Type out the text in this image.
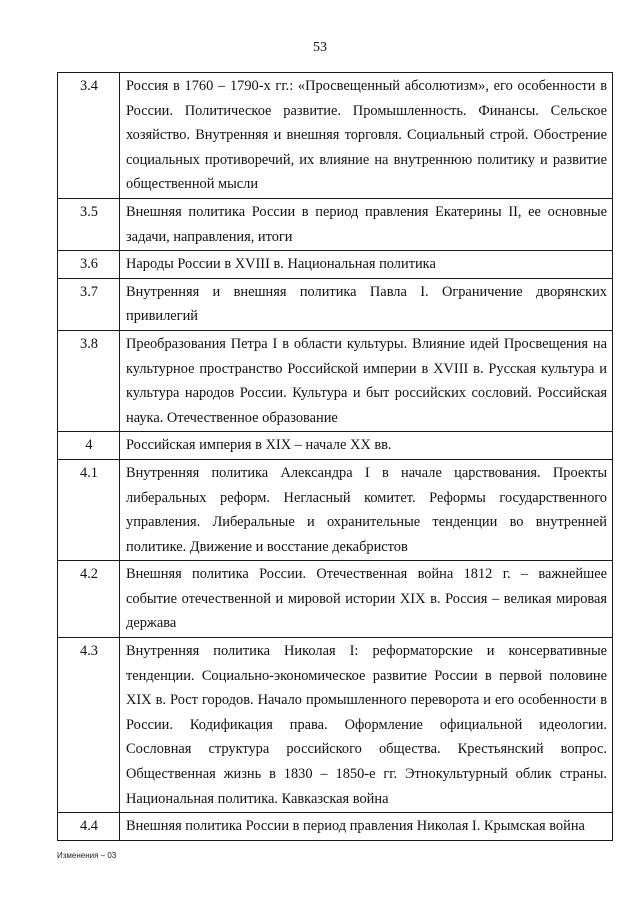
53
3.4	Россия в 1760 – 1790-х гг.: «Просвещенный абсолютизм», его особенности в России. Политическое развитие. Промышленность. Финансы. Сельское хозяйство. Внутренняя и внешняя торговля. Социальный строй. Обострение социальных противоречий, их влияние на внутреннюю политику и развитие общественной мысли
3.5	Внешняя политика России в период правления Екатерины II, ее основные задачи, направления, итоги
3.6	Народы России в XVIII в. Национальная политика
3.7	Внутренняя и внешняя политика Павла I. Ограничение дворянских привилегий
3.8	Преобразования Петра I в области культуры. Влияние идей Просвещения на культурное пространство Российской империи в XVIII в. Русская культура и культура народов России. Культура и быт российских сословий. Российская наука. Отечественное образование
4	Российская империя в XIX – начале XX вв.
4.1	Внутренняя политика Александра I в начале царствования. Проекты либеральных реформ. Негласный комитет. Реформы государственного управления. Либеральные и охранительные тенденции во внутренней политике. Движение и восстание декабристов
4.2	Внешняя политика России. Отечественная война 1812 г. – важнейшее событие отечественной и мировой истории XIX в. Россия – великая мировая держава
4.3	Внутренняя политика Николая I: реформаторские и консервативные тенденции. Социально-экономическое развитие России в первой половине XIX в. Рост городов. Начало промышленного переворота и его особенности в России. Кодификация права. Оформление официальной идеологии. Сословная структура российского общества. Крестьянский вопрос. Общественная жизнь в 1830 – 1850-е гг. Этнокультурный облик страны. Национальная политика. Кавказская война
4.4	Внешняя политика России в период правления Николая I. Крымская война
Изменения – 03
